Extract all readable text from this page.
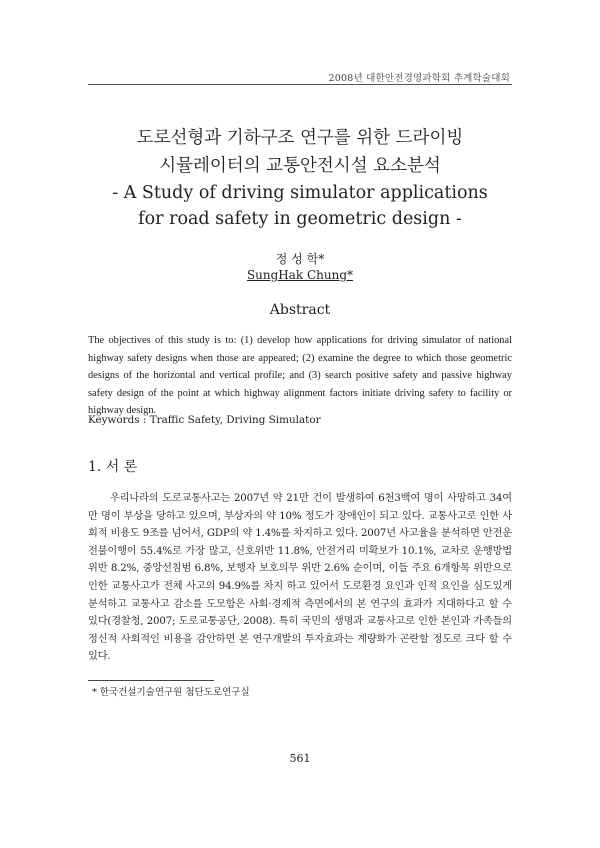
2008년 대한안전경영과학회 추계학술대회
도로선형과 기하구조 연구를 위한 드라이빙
시뮬레이터의 교통안전시설 요소분석
- A Study of driving simulator applications
for road safety in geometric design -
정 성 학*
SungHak Chung*
Abstract
The objectives of this study is to: (1) develop how applications for driving simulator of national highway safety designs when those are appeared; (2) examine the degree to which those geometric designs of the horizontal and vertical profile; and (3) search positive safety and passive highway safety design of the point at which highway alignment factors initiate driving safety to facility or highway design.
Keywords : Traffic Safety, Driving Simulator
1. 서 론
우리나라의 도로교통사고는 2007년 약 21만 건이 발생하여 6천3백여 명이 사망하고 34여만 명이 부상을 당하고 있으며, 부상자의 약 10% 정도가 장애인이 되고 있다. 교통사고로 인한 사회적 비용도 9조를 넘어서, GDP의 약 1.4%를 차지하고 있다. 2007년 사고율을 분석하면 안전운전불이행이 55.4%로 가장 많고, 신호위반 11.8%, 안전거리 미확보가 10.1%, 교차로 운행방법 위반 8.2%, 중앙선침범 6.8%, 보행자 보호의무 위반 2.6% 순이며, 이들 주요 6개항목 위반으로 인한 교통사고가 전체 사고의 94.9%를 차지 하고 있어서 도로환경 요인과 인적 요인을 심도있게 분석하고 교통사고 감소를 도모함은 사회·경제적 측면에서의 본 연구의 효과가 지대하다고 할 수 있다(경찰청, 2007; 도로교통공단, 2008). 특히 국민의 생명과 교통사고로 인한 본인과 가족들의 정신적 사회적인 비용을 감안하면 본 연구개발의 투자효과는 계량화가 곤란할 정도로 크다 할 수 있다.
* 한국건설기술연구원 첨단도로연구실
561
